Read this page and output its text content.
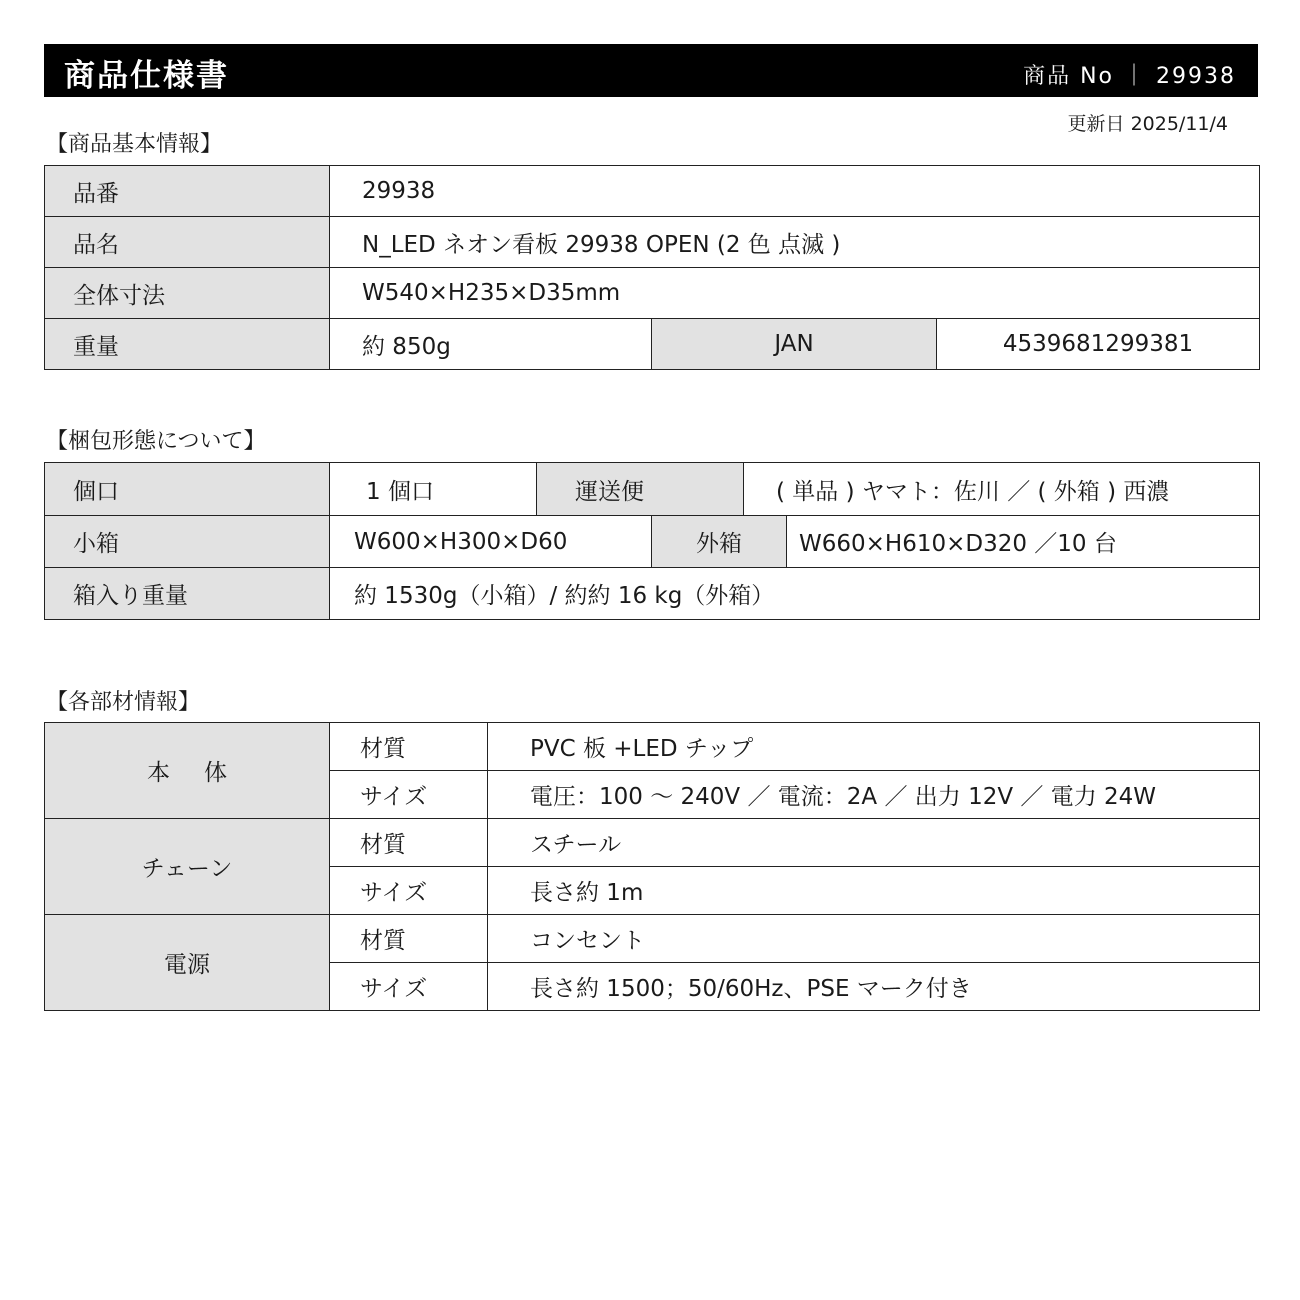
商品仕様書	商品 No ｜ 29938
更新日 2025/11/4
【商品基本情報】
品番	29938		
品名	N_LED ネオン看板 29938 OPEN (2 色 点滅 )		
全体寸法	W540×H235×D35mm		
重量	約 850g	JAN	4539681299381
【梱包形態について】
個口	1 個口	運送便		( 単品 ) ヤマト：佐川 ／ ( 外箱 ) 西濃	
小箱	W600×H300×D60		外箱		W660×H610×D320 ／10 台
箱入り重量	約 1530g（小箱）/ 約約 16 kg（外箱）				
【各部材情報】
本 体	材質	PVC 板 +LED チップ
	サイズ	電圧：100 ～ 240V ／ 電流：2A ／ 出力 12V ／ 電力 24W
チェーン	材質	スチール
	サイズ	長さ約 1m
電源	材質	コンセント
	サイズ	長さ約 1500；50/60Hz、PSE マーク付き
